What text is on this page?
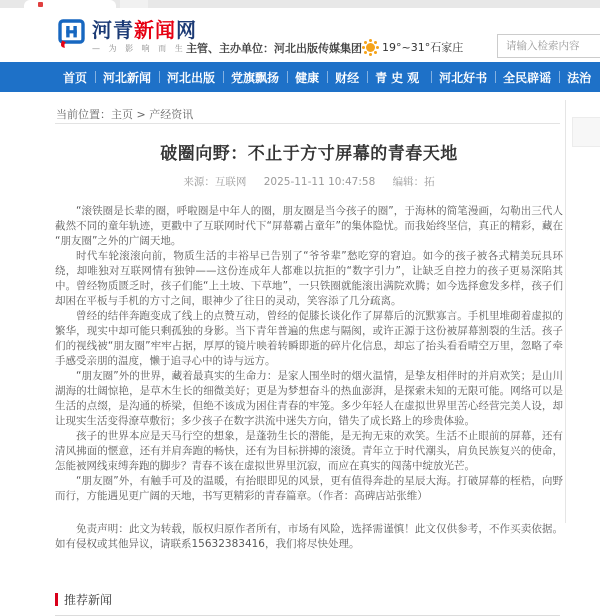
河青新闻网
— 为 影 响 而 生 —
主管、主办单位：河北出版传媒集团 19°~31°石家庄
请输入检索内容
首页	河北新闻	河北出版	党旗飘扬	健康	财经	青史观	河北好书	全民辟谣	法治
当前位置：主页 > 产经资讯
破圈向野：不止于方寸屏幕的青春天地
来源：互联网 2025-11-11 10:47:58 编辑：拓

“滚铁圈是长辈的圈，呼啦圈是中年人的圈，朋友圈是当今孩子的圈”，于海林的简笔漫画，勾勒出三代人截然不同的童年轨迹，更戳中了互联网时代下“屏幕霸占童年”的集体隐忧。而我始终坚信，真正的精彩，藏在“朋友圈”之外的广阔天地。

时代车轮滚滚向前，物质生活的丰裕早已告别了“爷爷辈”愁吃穿的窘迫。如今的孩子被各式精美玩具环绕，却唯独对互联网情有独钟——这份连成年人都难以抗拒的“数字引力”，让缺乏自控力的孩子更易深陷其中。曾经物质匮乏时，孩子们能“上土坡、下草地”，一只铁圈就能滚出满院欢腾；如今选择愈发多样，孩子们却困在平板与手机的方寸之间，眼神少了往日的灵动，笑容添了几分疏离。

曾经的结伴奔跑变成了线上的点赞互动，曾经的促膝长谈化作了屏幕后的沉默寡言。手机里堆砌着虚拟的繁华，现实中却可能只剩孤独的身影。当下青年普遍的焦虑与隔阂，或许正源于这份被屏幕割裂的生活。孩子们的视线被“朋友圈”牢牢占据，厚厚的镜片映着转瞬即逝的碎片化信息，却忘了抬头看看晴空万里，忽略了牵手感受亲朋的温度，懒于追寻心中的诗与远方。

“朋友圈”外的世界，藏着最真实的生命力：是家人围坐时的烟火温情，是挚友相伴时的并肩欢笑；是山川湖海的壮阔惊艳，是草木生长的细微美好；更是为梦想奋斗的热血澎湃，是探索未知的无限可能。网络可以是生活的点缀，是沟通的桥梁，但绝不该成为困住青春的牢笼。多少年轻人在虚拟世界里苦心经营完美人设，却让现实生活变得潦草敷衍；多少孩子在数字洪流中迷失方向，错失了成长路上的珍贵体验。

孩子的世界本应是天马行空的想象，是蓬勃生长的潜能，是无拘无束的欢笑。生活不止眼前的屏幕，还有清风拂面的惬意，还有并肩奔跑的畅快，还有为目标拼搏的滚烫。青年立于时代潮头，肩负民族复兴的使命，怎能被网线束缚奔跑的脚步？青春不该在虚拟世界里沉寂，而应在真实的闯荡中绽放光芒。

“朋友圈”外，有触手可及的温暖，有抬眼即见的风景，更有值得奔赴的星辰大海。打破屏幕的桎梏，向野而行，方能遇见更广阔的天地，书写更精彩的青春篇章。（作者：高碑店站张维）

免责声明：此文为转载，版权归原作者所有，市场有风险，选择需谨慎！此文仅供参考，不作买卖依据。如有侵权或其他异议，请联系15632383416，我们将尽快处理。
推荐新闻
